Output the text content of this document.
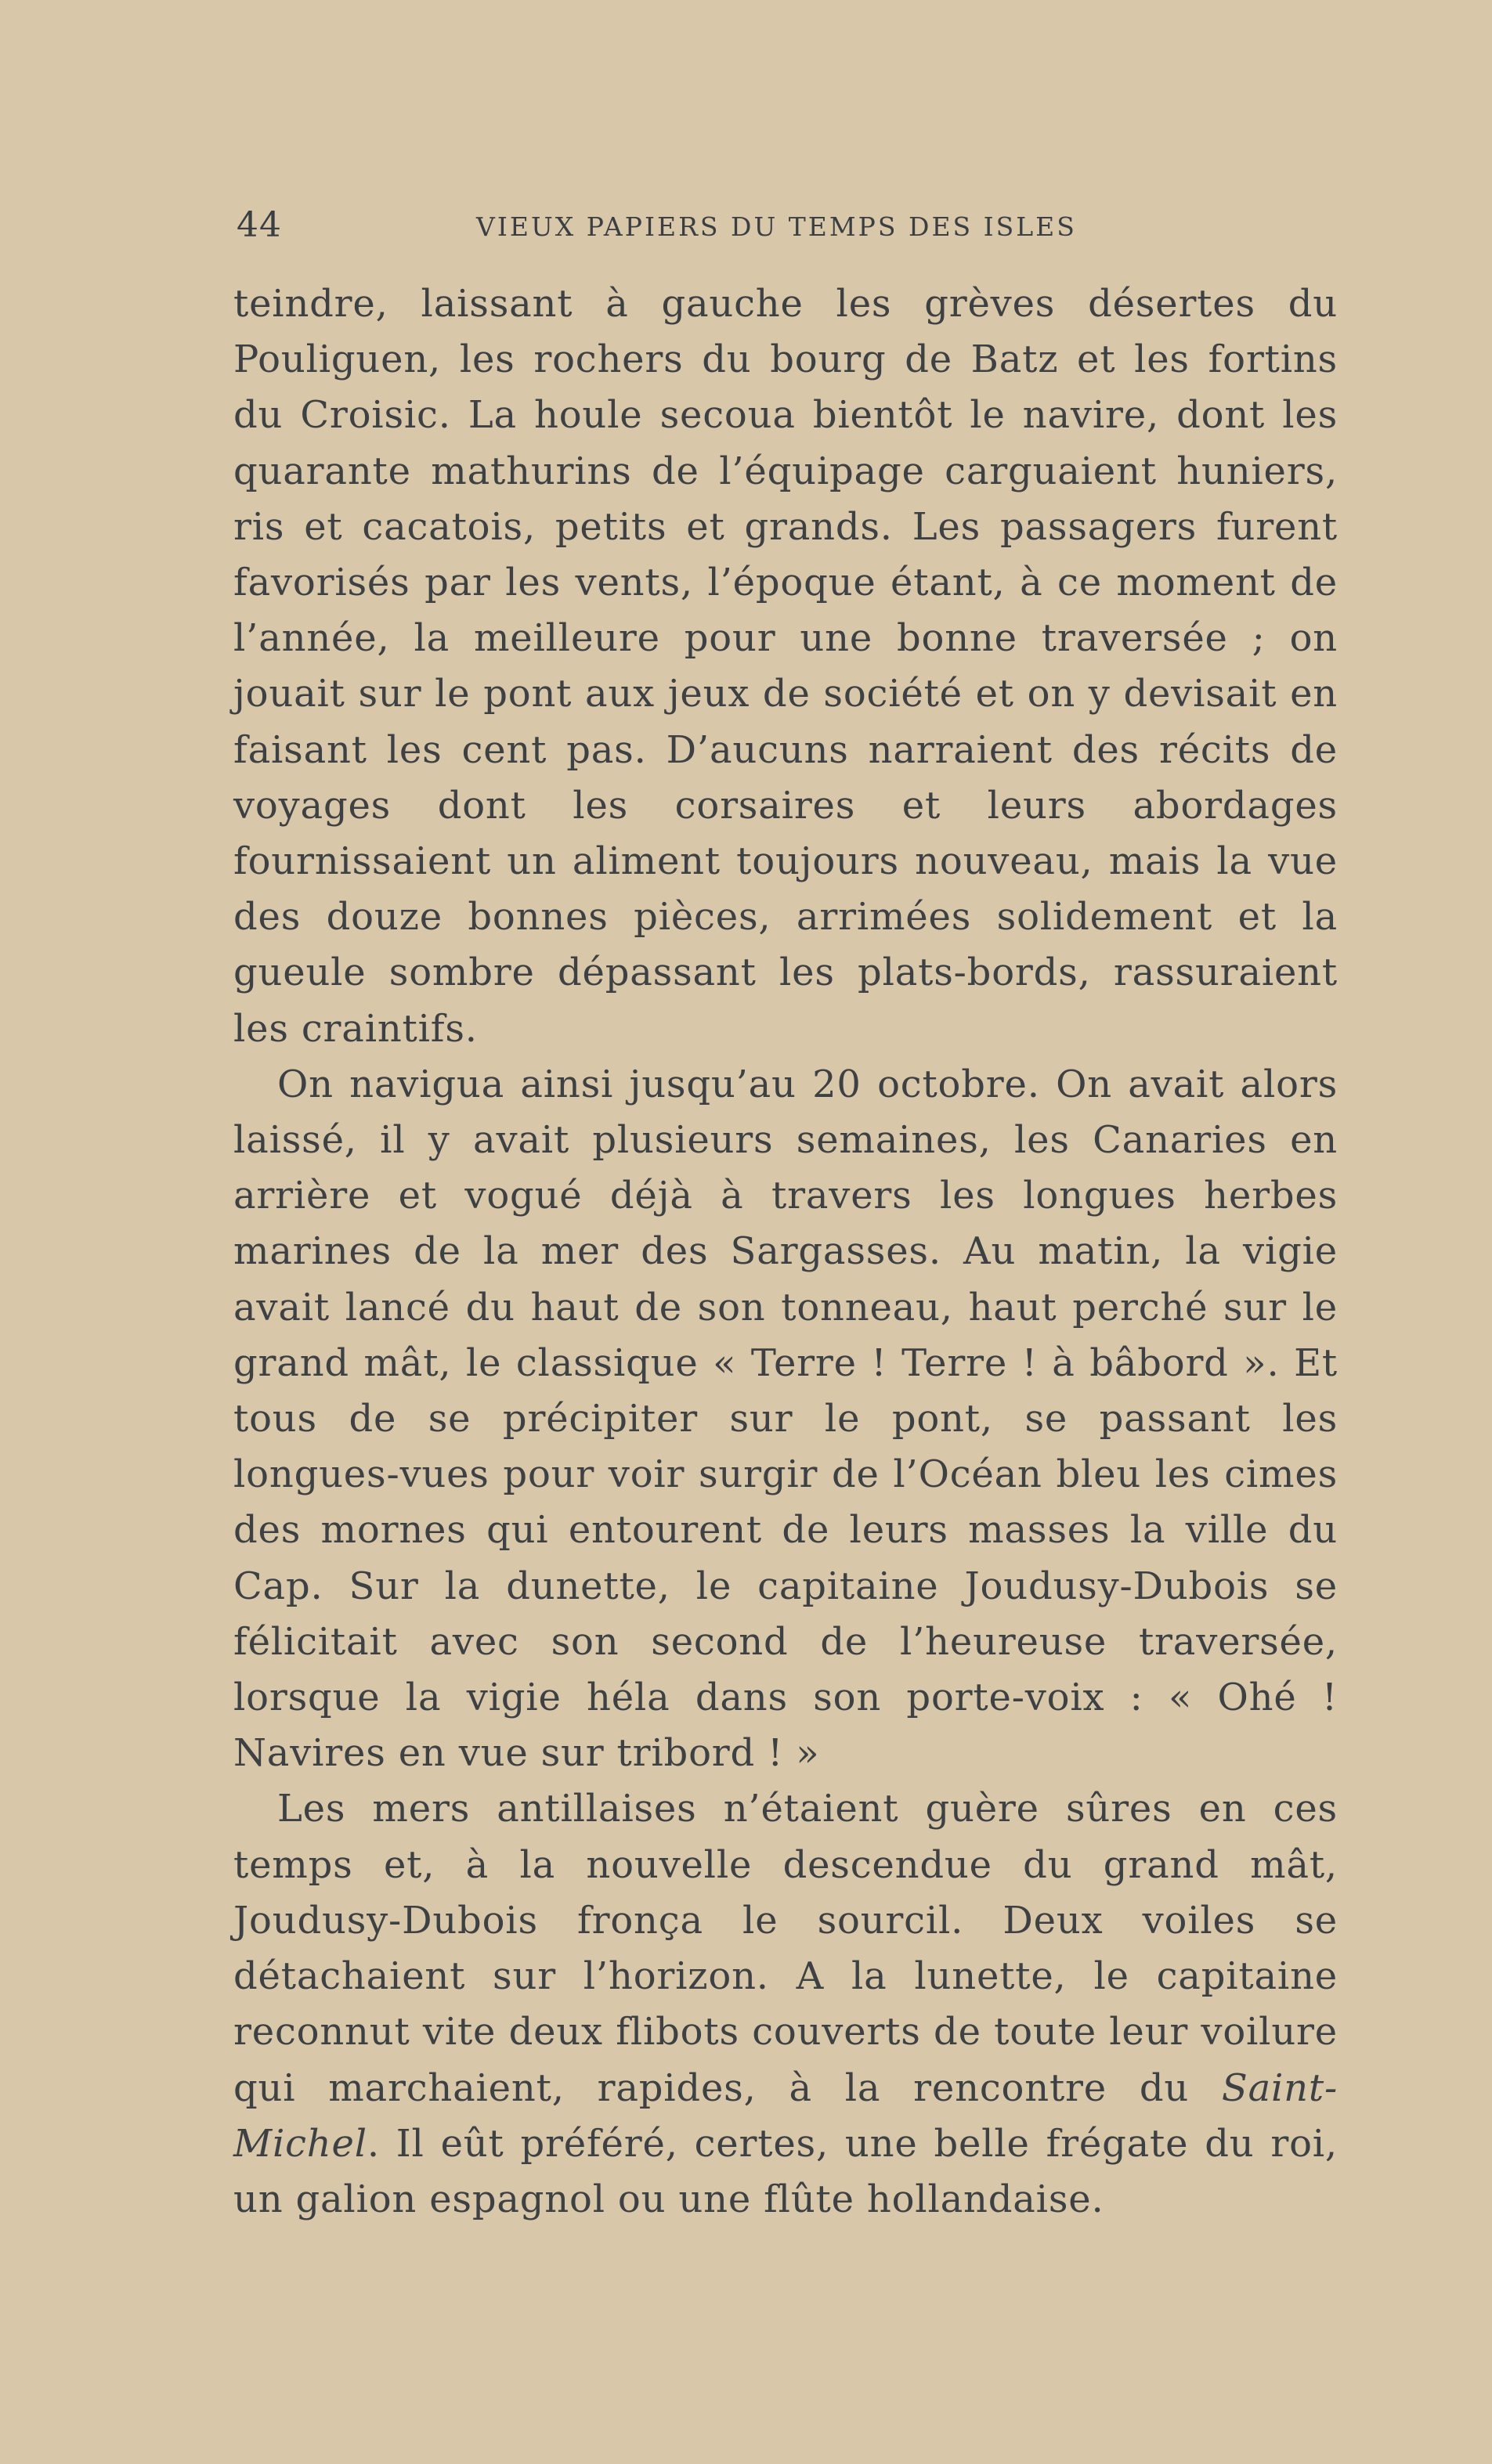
44	VIEUX PAPIERS DU TEMPS DES ISLES

teindre, laissant à gauche les grèves désertes du Pouliguen, les rochers du bourg de Batz et les fortins du Croisic. La houle secoua bientôt le navire, dont les quarante mathurins de l’équipage carguaient huniers, ris et cacatois, petits et grands. Les passagers furent favorisés par les vents, l’époque étant, à ce moment de l’année, la meilleure pour une bonne traversée ; on jouait sur le pont aux jeux de société et on y devisait en faisant les cent pas. D’aucuns narraient des récits de voyages dont les corsaires et leurs abordages fournissaient un aliment toujours nouveau, mais la vue des douze bonnes pièces, arrimées solidement et la gueule sombre dépassant les plats-bords, rassuraient les craintifs.

On navigua ainsi jusqu’au 20 octobre. On avait alors laissé, il y avait plusieurs semaines, les Canaries en arrière et vogué déjà à travers les longues herbes marines de la mer des Sargasses. Au matin, la vigie avait lancé du haut de son tonneau, haut perché sur le grand mât, le classique « Terre ! Terre ! à bâbord ». Et tous de se précipiter sur le pont, se passant les longues-vues pour voir surgir de l’Océan bleu les cimes des mornes qui entourent de leurs masses la ville du Cap. Sur la dunette, le capitaine Joudusy-Dubois se félicitait avec son second de l’heureuse traversée, lorsque la vigie héla dans son porte-voix : « Ohé ! Navires en vue sur tribord ! »

Les mers antillaises n’étaient guère sûres en ces temps et, à la nouvelle descendue du grand mât, Joudusy-Dubois fronça le sourcil. Deux voiles se détachaient sur l’horizon. A la lunette, le capitaine reconnut vite deux flibots couverts de toute leur voilure qui marchaient, rapides, à la rencontre du Saint-Michel. Il eût préféré, certes, une belle frégate du roi, un galion espagnol ou une flûte hollandaise.
